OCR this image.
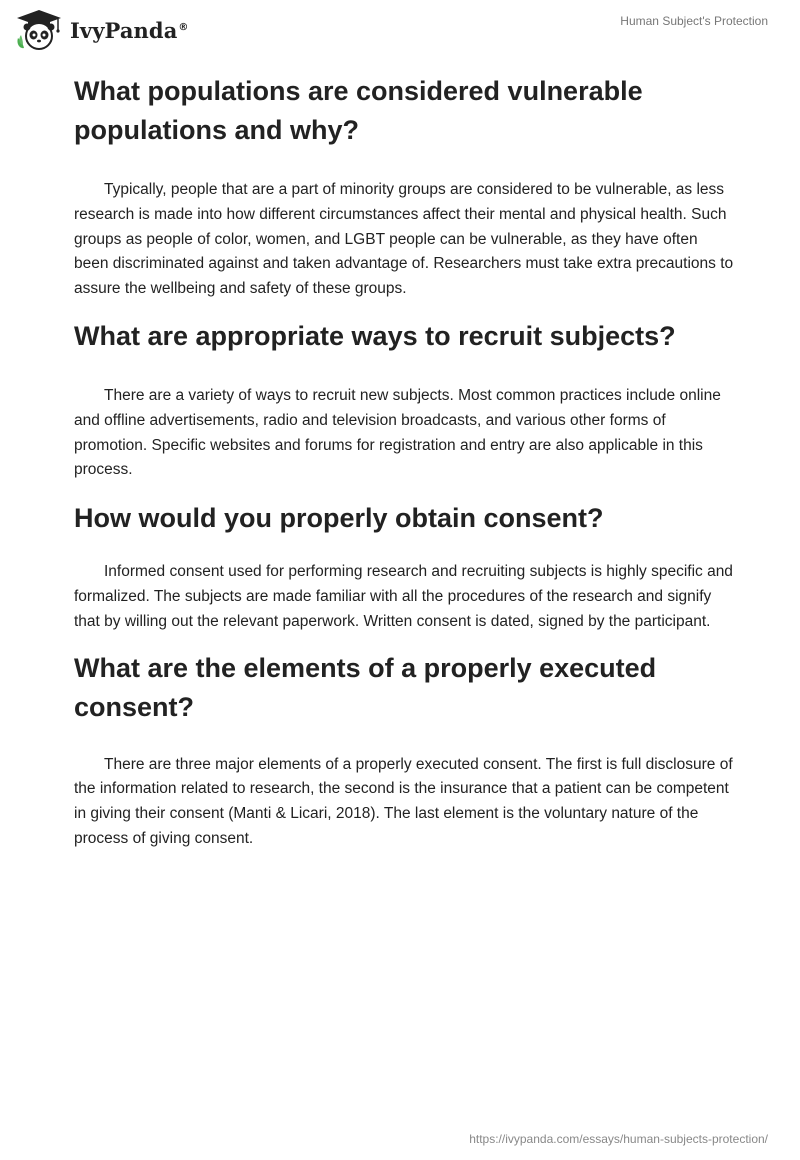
IvyPanda®	Human Subject's Protection
What populations are considered vulnerable populations and why?

Typically, people that are a part of minority groups are considered to be vulnerable, as less research is made into how different circumstances affect their mental and physical health. Such groups as people of color, women, and LGBT people can be vulnerable, as they have often been discriminated against and taken advantage of. Researchers must take extra precautions to assure the wellbeing and safety of these groups.

What are appropriate ways to recruit subjects?

There are a variety of ways to recruit new subjects. Most common practices include online and offline advertisements, radio and television broadcasts, and various other forms of promotion. Specific websites and forums for registration and entry are also applicable in this process.

How would you properly obtain consent?

Informed consent used for performing research and recruiting subjects is highly specific and formalized. The subjects are made familiar with all the procedures of the research and signify that by willing out the relevant paperwork. Written consent is dated, signed by the participant.

What are the elements of a properly executed consent?

There are three major elements of a properly executed consent. The first is full disclosure of the information related to research, the second is the insurance that a patient can be competent in giving their consent (Manti & Licari, 2018). The last element is the voluntary nature of the process of giving consent.

https://ivypanda.com/essays/human-subjects-protection/
